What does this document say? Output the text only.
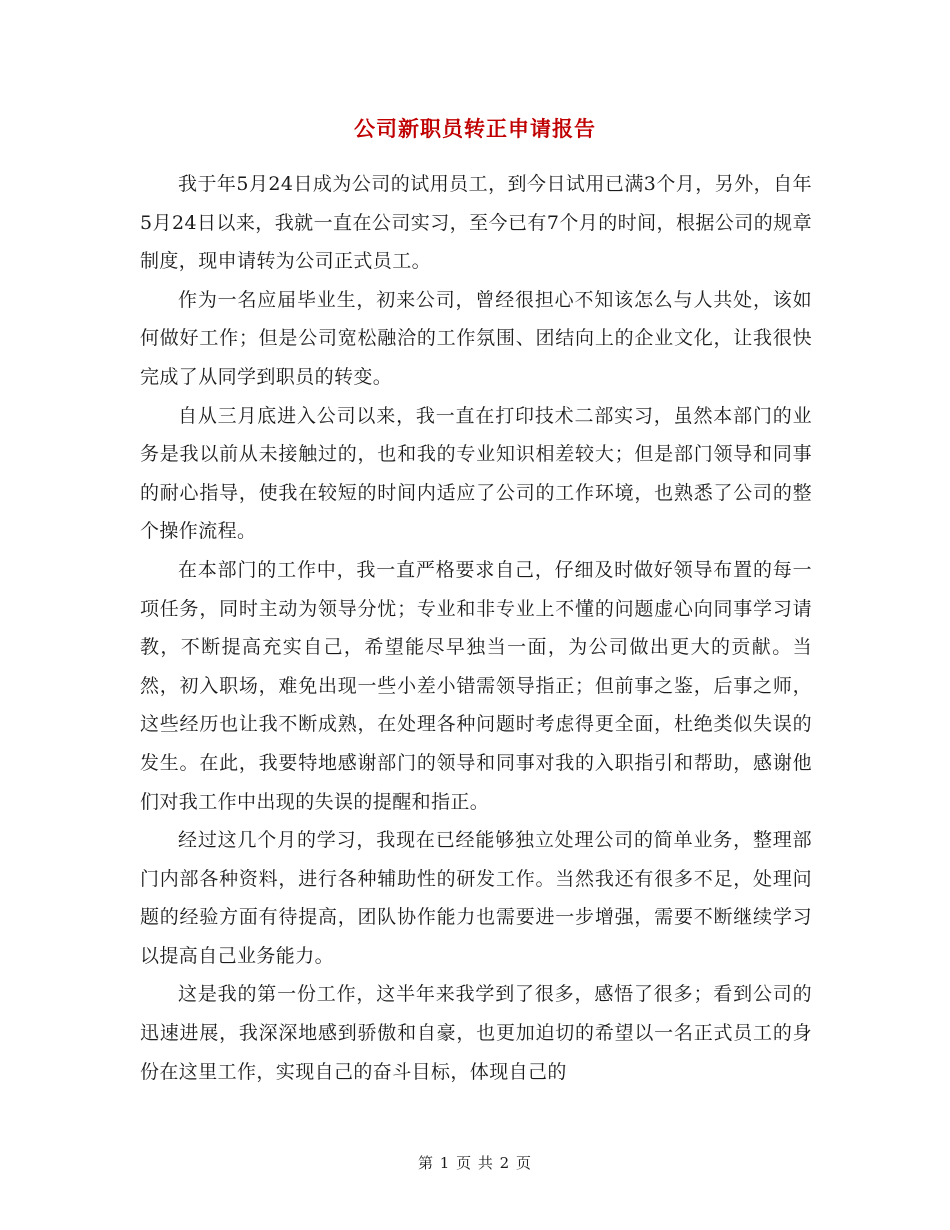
公司新职员转正申请报告

我于年5月24日成为公司的试用员工，到今日试用已满3个月，另外，自年5月24日以来，我就一直在公司实习，至今已有7个月的时间，根据公司的规章制度，现申请转为公司正式员工。

作为一名应届毕业生，初来公司，曾经很担心不知该怎么与人共处，该如何做好工作；但是公司宽松融洽的工作氛围、团结向上的企业文化，让我很快完成了从同学到职员的转变。

自从三月底进入公司以来，我一直在打印技术二部实习，虽然本部门的业务是我以前从未接触过的，也和我的专业知识相差较大；但是部门领导和同事的耐心指导，使我在较短的时间内适应了公司的工作环境，也熟悉了公司的整个操作流程。

在本部门的工作中，我一直严格要求自己，仔细及时做好领导布置的每一项任务，同时主动为领导分忧；专业和非专业上不懂的问题虚心向同事学习请教，不断提高充实自己，希望能尽早独当一面，为公司做出更大的贡献。当然，初入职场，难免出现一些小差小错需领导指正；但前事之鉴，后事之师，这些经历也让我不断成熟，在处理各种问题时考虑得更全面，杜绝类似失误的发生。在此，我要特地感谢部门的领导和同事对我的入职指引和帮助，感谢他们对我工作中出现的失误的提醒和指正。

经过这几个月的学习，我现在已经能够独立处理公司的简单业务，整理部门内部各种资料，进行各种辅助性的研发工作。当然我还有很多不足，处理问题的经验方面有待提高，团队协作能力也需要进一步增强，需要不断继续学习以提高自己业务能力。

这是我的第一份工作，这半年来我学到了很多，感悟了很多；看到公司的迅速进展，我深深地感到骄傲和自豪，也更加迫切的希望以一名正式员工的身份在这里工作，实现自己的奋斗目标，体现自己的

第 1 页 共 2 页
